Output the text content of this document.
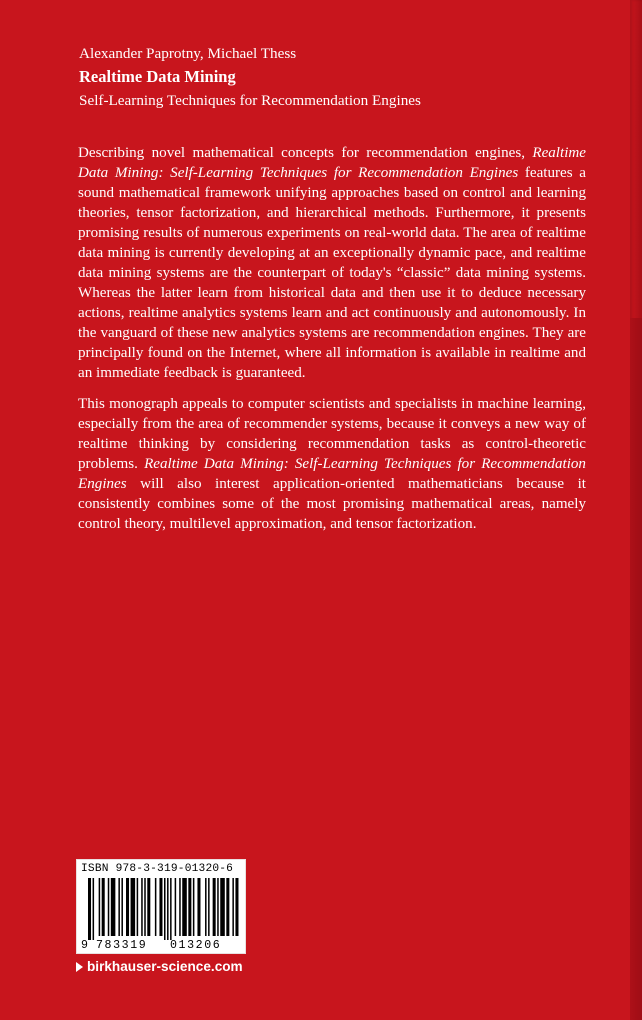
Alexander Paprotny, Michael Thess

Realtime Data Mining

Self-Learning Techniques for Recommendation Engines

Describing novel mathematical concepts for recommendation engines, Realtime Data Mining: Self-Learning Techniques for Recommendation Engines features a sound mathematical framework unifying approaches based on control and learning theories, tensor factorization, and hierarchical methods. Furthermore, it presents promising results of numerous experiments on real-world data. The area of realtime data mining is currently developing at an exceptionally dynamic pace, and realtime data mining systems are the counterpart of today's “classic” data mining systems. Whereas the latter learn from historical data and then use it to deduce necessary actions, realtime analytics systems learn and act continuously and autonomously. In the vanguard of these new analytics systems are recommendation engines. They are principally found on the Internet, where all information is available in realtime and an immediate feedback is guaranteed.

This monograph appeals to computer scientists and specialists in machine learning, especially from the area of recommender systems, because it conveys a new way of realtime thinking by considering recommendation tasks as control-theoretic problems. Realtime Data Mining: Self-Learning Techniques for Recommendation Engines will also interest application-oriented mathematicians because it consistently combines some of the most promising mathematical areas, namely control theory, multilevel approximation, and tensor factorization.

ISBN 978-3-319-01320-6
9 783319 013206
birkhauser-science.com
